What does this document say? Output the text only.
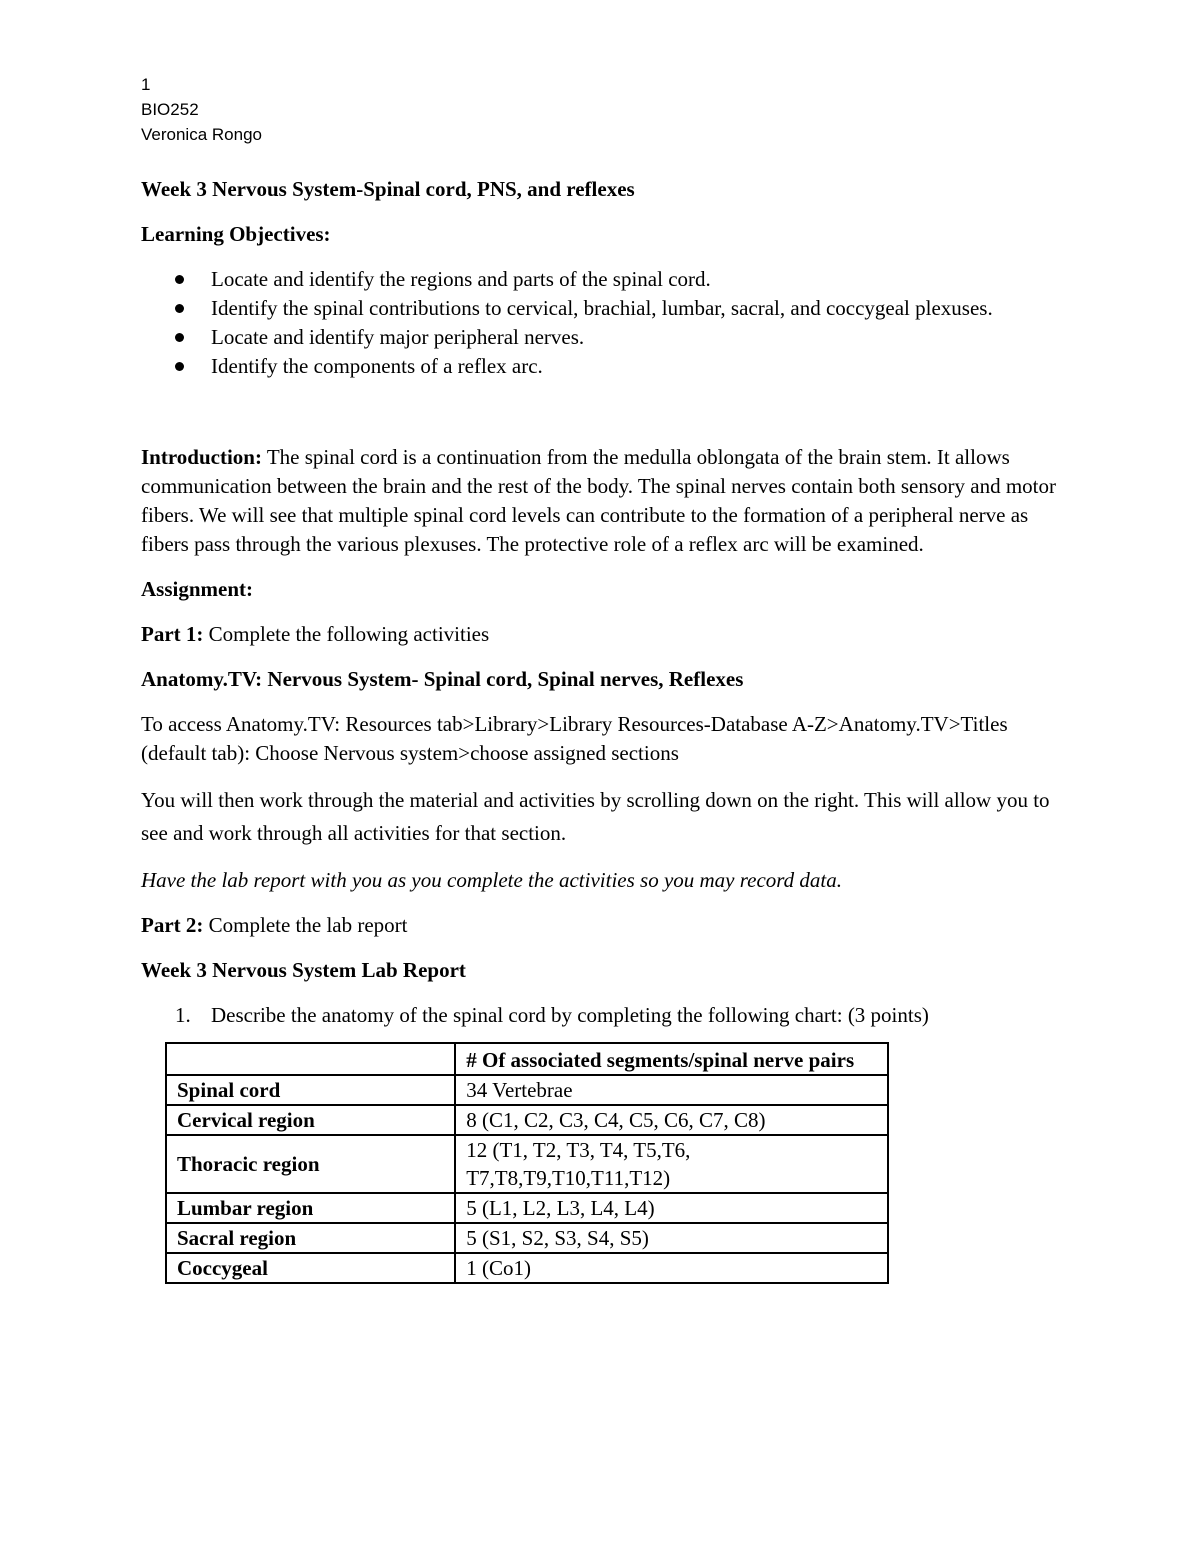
1
BIO252
Veronica Rongo

Week 3 Nervous System-Spinal cord, PNS, and reflexes

Learning Objectives:

Locate and identify the regions and parts of the spinal cord.
Identify the spinal contributions to cervical, brachial, lumbar, sacral, and coccygeal plexuses.
Locate and identify major peripheral nerves.
Identify the components of a reflex arc.

Introduction: The spinal cord is a continuation from the medulla oblongata of the brain stem. It allows communication between the brain and the rest of the body. The spinal nerves contain both sensory and motor fibers. We will see that multiple spinal cord levels can contribute to the formation of a peripheral nerve as fibers pass through the various plexuses. The protective role of a reflex arc will be examined.

Assignment:

Part 1: Complete the following activities

Anatomy.TV: Nervous System- Spinal cord, Spinal nerves, Reflexes

To access Anatomy.TV: Resources tab>Library>Library Resources-Database A-Z>Anatomy.TV>Titles (default tab): Choose Nervous system>choose assigned sections

You will then work through the material and activities by scrolling down on the right. This will allow you to see and work through all activities for that section.

Have the lab report with you as you complete the activities so you may record data.

Part 2: Complete the lab report

Week 3 Nervous System Lab Report

1. Describe the anatomy of the spinal cord by completing the following chart: (3 points)
	# Of associated segments/spinal nerve pairs
Spinal cord	34 Vertebrae
Cervical region	8 (C1, C2, C3, C4, C5, C6, C7, C8)
Thoracic region	12 (T1, T2, T3, T4, T5,T6, T7,T8,T9,T10,T11,T12)
Lumbar region	5 (L1, L2, L3, L4, L4)
Sacral region	5 (S1, S2, S3, S4, S5)
Coccygeal	1 (Co1)
